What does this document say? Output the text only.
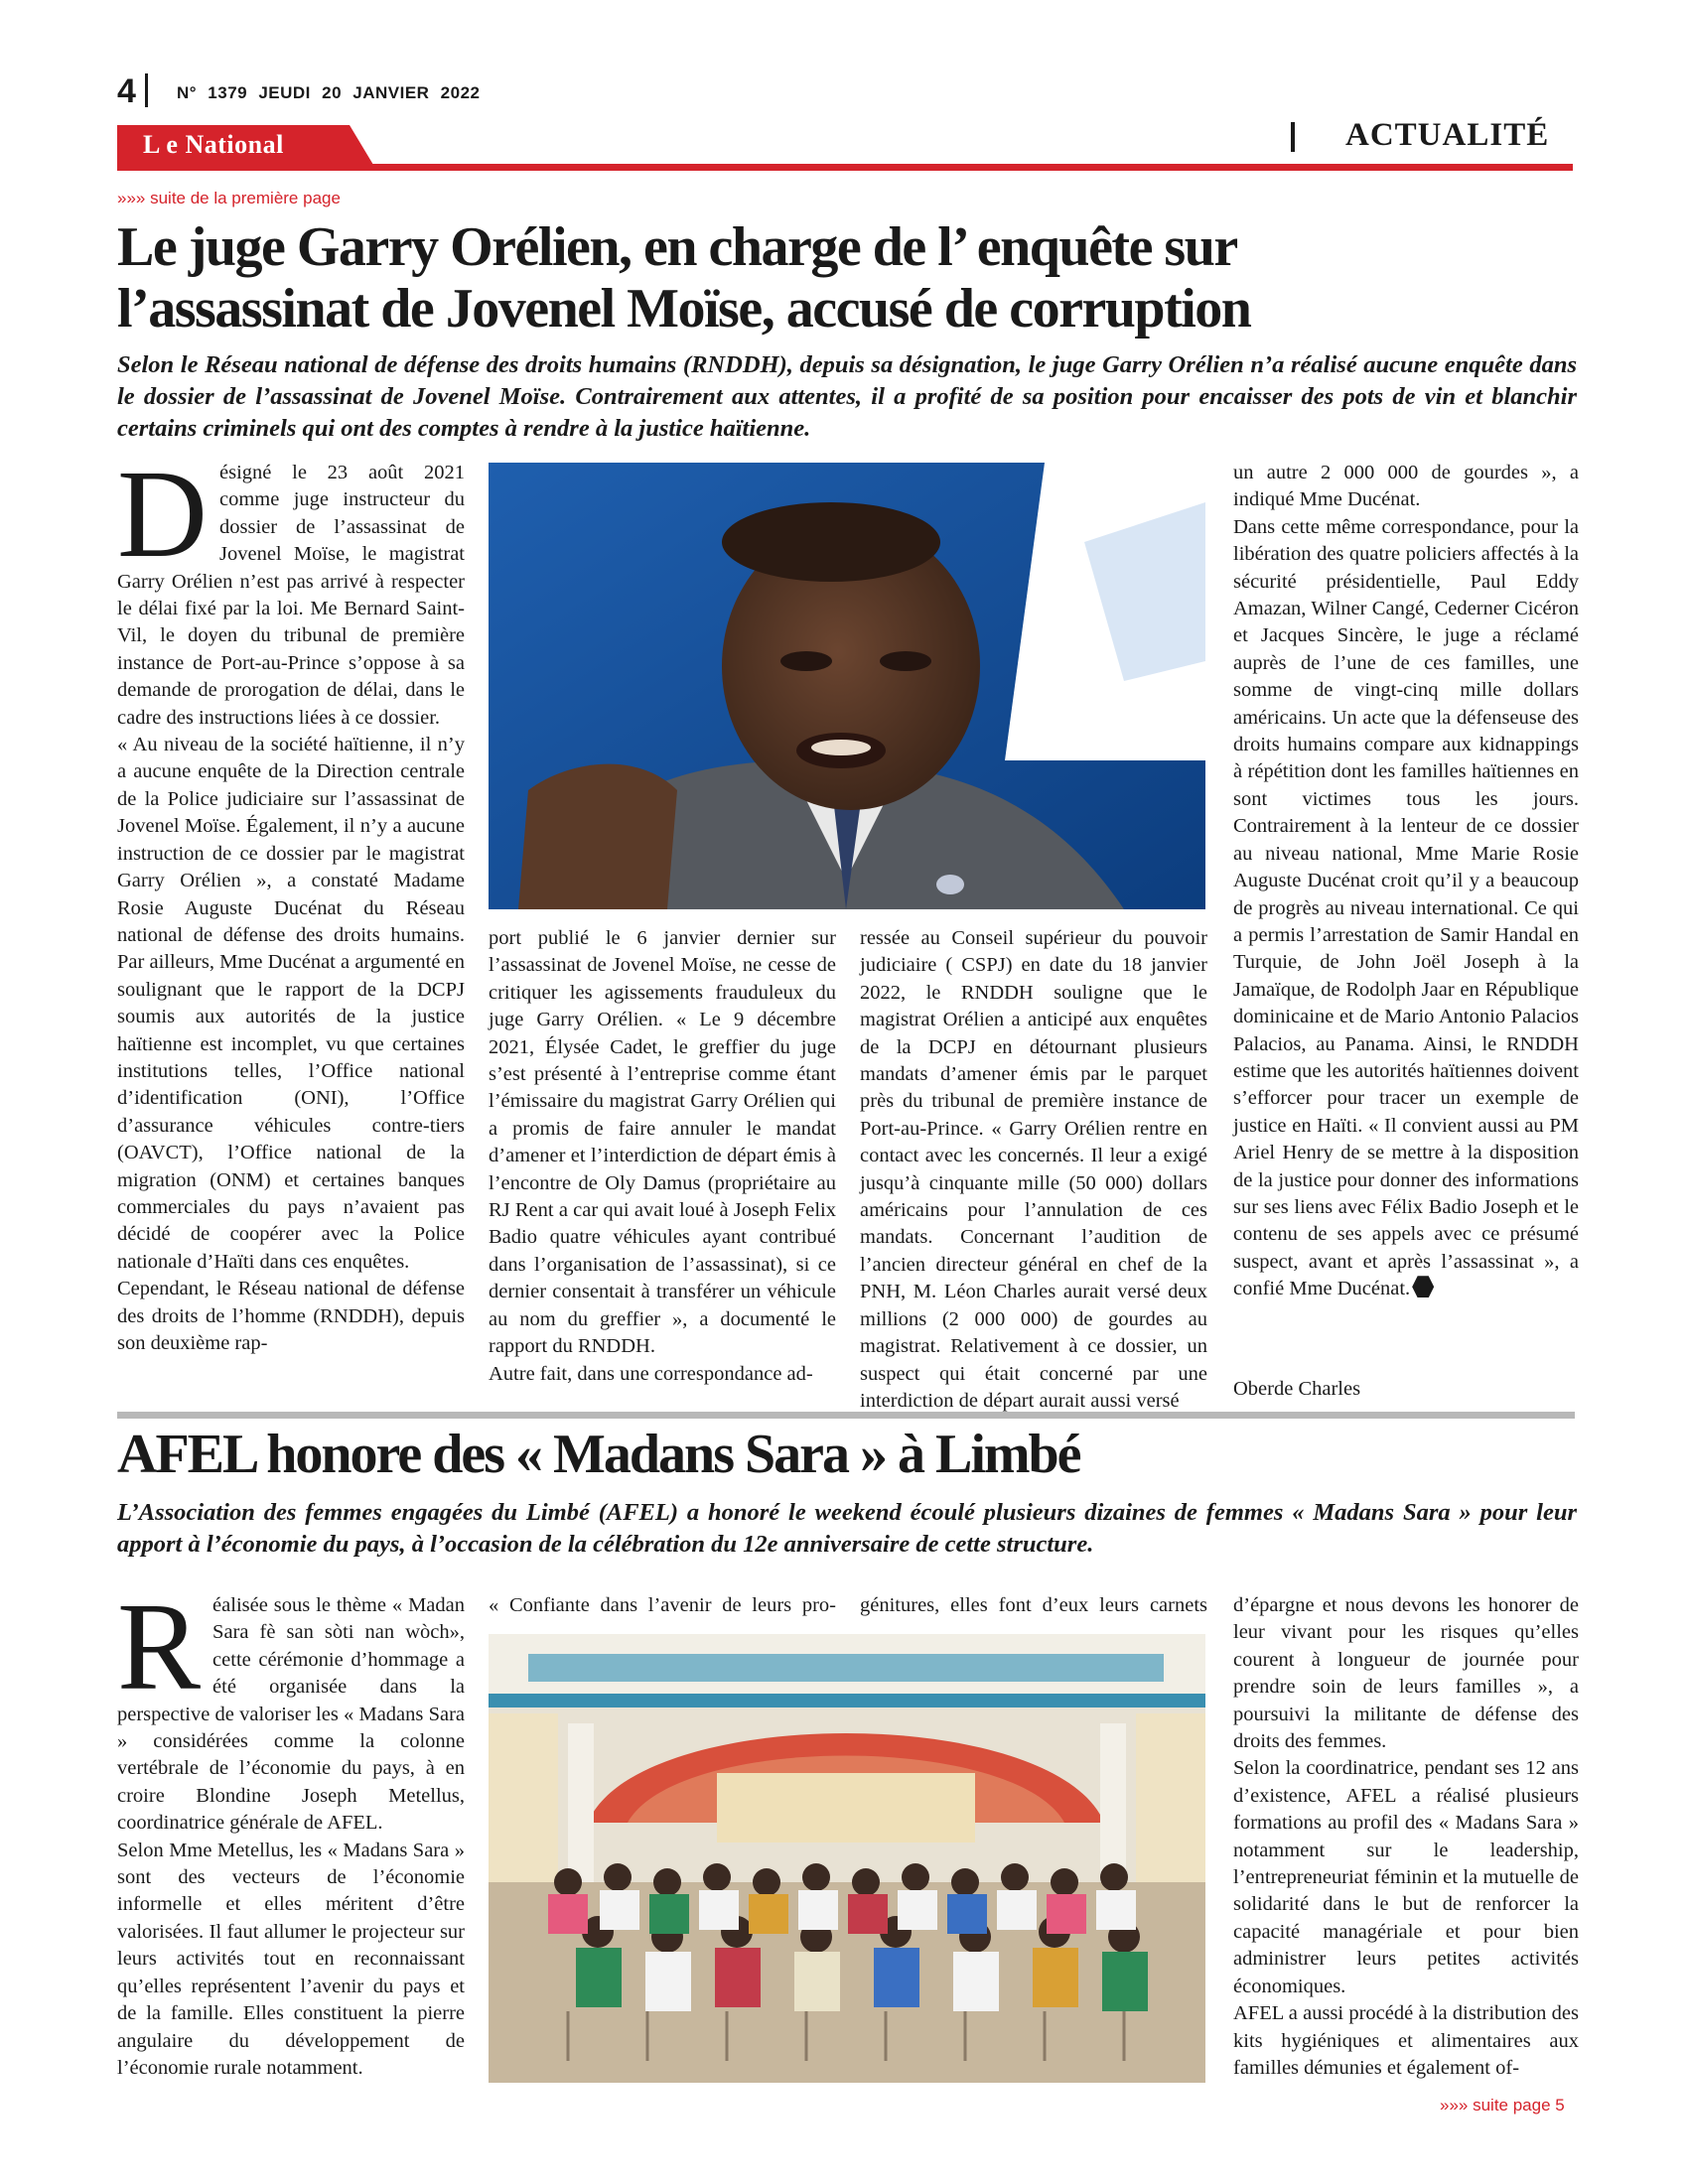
4 N° 1379 JEUDI 20 JANVIER 2022
L e National	ACTUALITÉ
»»» suite de la première page
Le juge Garry Orélien, en charge de l’ enquête sur
l’assassinat de Jovenel Moïse, accusé de corruption
Selon le Réseau national de défense des droits humains (RNDDH), depuis sa désignation, le juge Garry Orélien n’a réalisé aucune enquête dans le dossier de l’assassinat de Jovenel Moïse. Contrairement aux attentes, il a profité de sa position pour encaisser des pots de vin et blanchir certains criminels qui ont des comptes à rendre à la justice haïtienne.

Désigné le 23 août 2021 comme juge instructeur du dossier de l’assassinat de Jovenel Moïse, le magistrat Garry Orélien n’est pas arrivé à respecter le délai fixé par la loi. Me Bernard Saint-Vil, le doyen du tribunal de première instance de Port-au-Prince s’oppose à sa demande de prorogation de délai, dans le cadre des instructions liées à ce dossier.

« Au niveau de la société haïtienne, il n’y a aucune enquête de la Direction centrale de la Police judiciaire sur l’assassinat de Jovenel Moïse. Également, il n’y a aucune instruction de ce dossier par le magistrat Garry Orélien », a constaté Madame Rosie Auguste Ducénat du Réseau national de défense des droits humains. Par ailleurs, Mme Ducénat a argumenté en soulignant que le rapport de la DCPJ soumis aux autorités de la justice haïtienne est incomplet, vu que certaines institutions telles, l’Office national d’identification (ONI), l’Office d’assurance véhicules contre-tiers (OAVCT), l’Office national de la migration (ONM) et certaines banques commerciales du pays n’avaient pas décidé de coopérer avec la Police nationale d’Haïti dans ces enquêtes.

Cependant, le Réseau national de défense des droits de l’homme (RNDDH), depuis son deuxième rap-

port publié le 6 janvier dernier sur l’assassinat de Jovenel Moïse, ne cesse de critiquer les agissements frauduleux du juge Garry Orélien. « Le 9 décembre 2021, Élysée Cadet, le greffier du juge s’est présenté à l’entreprise comme étant l’émissaire du magistrat Garry Orélien qui a promis de faire annuler le mandat d’amener et l’interdiction de départ émis à l’encontre de Oly Damus (propriétaire au RJ Rent a car qui avait loué à Joseph Felix Badio quatre véhicules ayant contribué dans l’organisation de l’assassinat), si ce dernier consentait à transférer un véhicule au nom du greffier », a documenté le rapport du RNDDH.

Autre fait, dans une correspondance ad-

ressée au Conseil supérieur du pouvoir judiciaire ( CSPJ) en date du 18 janvier 2022, le RNDDH souligne que le magistrat Orélien a anticipé aux enquêtes de la DCPJ en détournant plusieurs mandats d’amener émis par le parquet près du tribunal de première instance de Port-au-Prince. « Garry Orélien rentre en contact avec les concernés. Il leur a exigé jusqu’à cinquante mille (50 000) dollars américains pour l’annulation de ces mandats. Concernant l’audition de l’ancien directeur général en chef de la PNH, M. Léon Charles aurait versé deux millions (2 000 000) de gourdes au magistrat. Relativement à ce dossier, un suspect qui était concerné par une interdiction de départ aurait aussi versé

un autre 2 000 000 de gourdes », a indiqué Mme Ducénat.

Dans cette même correspondance, pour la libération des quatre policiers affectés à la sécurité présidentielle, Paul Eddy Amazan, Wilner Cangé, Cederner Cicéron et Jacques Sincère, le juge a réclamé auprès de l’une de ces familles, une somme de vingt-cinq mille dollars américains. Un acte que la défenseuse des droits humains compare aux kidnappings à répétition dont les familles haïtiennes en sont victimes tous les jours. Contrairement à la lenteur de ce dossier au niveau national, Mme Marie Rosie Auguste Ducénat croit qu’il y a beaucoup de progrès au niveau international. Ce qui a permis l’arrestation de Samir Handal en Turquie, de John Joël Joseph à la Jamaïque, de Rodolph Jaar en République dominicaine et de Mario Antonio Palacios Palacios, au Panama. Ainsi, le RNDDH estime que les autorités haïtiennes doivent s’efforcer pour tracer un exemple de justice en Haïti. « Il convient aussi au PM Ariel Henry de se mettre à la disposition de la justice pour donner des informations sur ses liens avec Félix Badio Joseph et le contenu de ses appels avec ce présumé suspect, avant et après l’assassinat », a confié Mme Ducénat.

Oberde Charles
AFEL honore des « Madans Sara » à Limbé
L’Association des femmes engagées du Limbé (AFEL) a honoré le weekend écoulé plusieurs dizaines de femmes « Madans Sara » pour leur apport à l’économie du pays, à l’occasion de la célébration du 12e anniversaire de cette structure.

Réalisée sous le thème « Madan Sara fè san sòti nan wòch», cette cérémonie d’hommage a été organisée dans la perspective de valoriser les « Madans Sara » considérées comme la colonne vertébrale de l’économie du pays, à en croire Blondine Joseph Metellus, coordinatrice générale de AFEL.

Selon Mme Metellus, les « Madans Sara » sont des vecteurs de l’économie informelle et elles méritent d’être valorisées. Il faut allumer le projecteur sur leurs activités tout en reconnaissant qu’elles représentent l’avenir du pays et de la famille. Elles constituent la pierre angulaire du développement de l’économie rurale notamment.

« Confiante dans l’avenir de leurs pro- génitures, elles font d’eux leurs carnets d’épargne et nous devons les honorer de leur vivant pour les risques qu’elles courent à longueur de journée pour prendre soin de leurs familles », a poursuivi la militante de défense des droits des femmes.

Selon la coordinatrice, pendant ses 12 ans d’existence, AFEL a réalisé plusieurs formations au profil des « Madans Sara » notamment sur le leadership, l’entrepreneuriat féminin et la mutuelle de solidarité dans le but de renforcer la capacité managériale et pour bien administrer leurs petites activités économiques.

AFEL a aussi procédé à la distribution des kits hygiéniques et alimentaires aux familles démunies et également of-

»»» suite page 5
